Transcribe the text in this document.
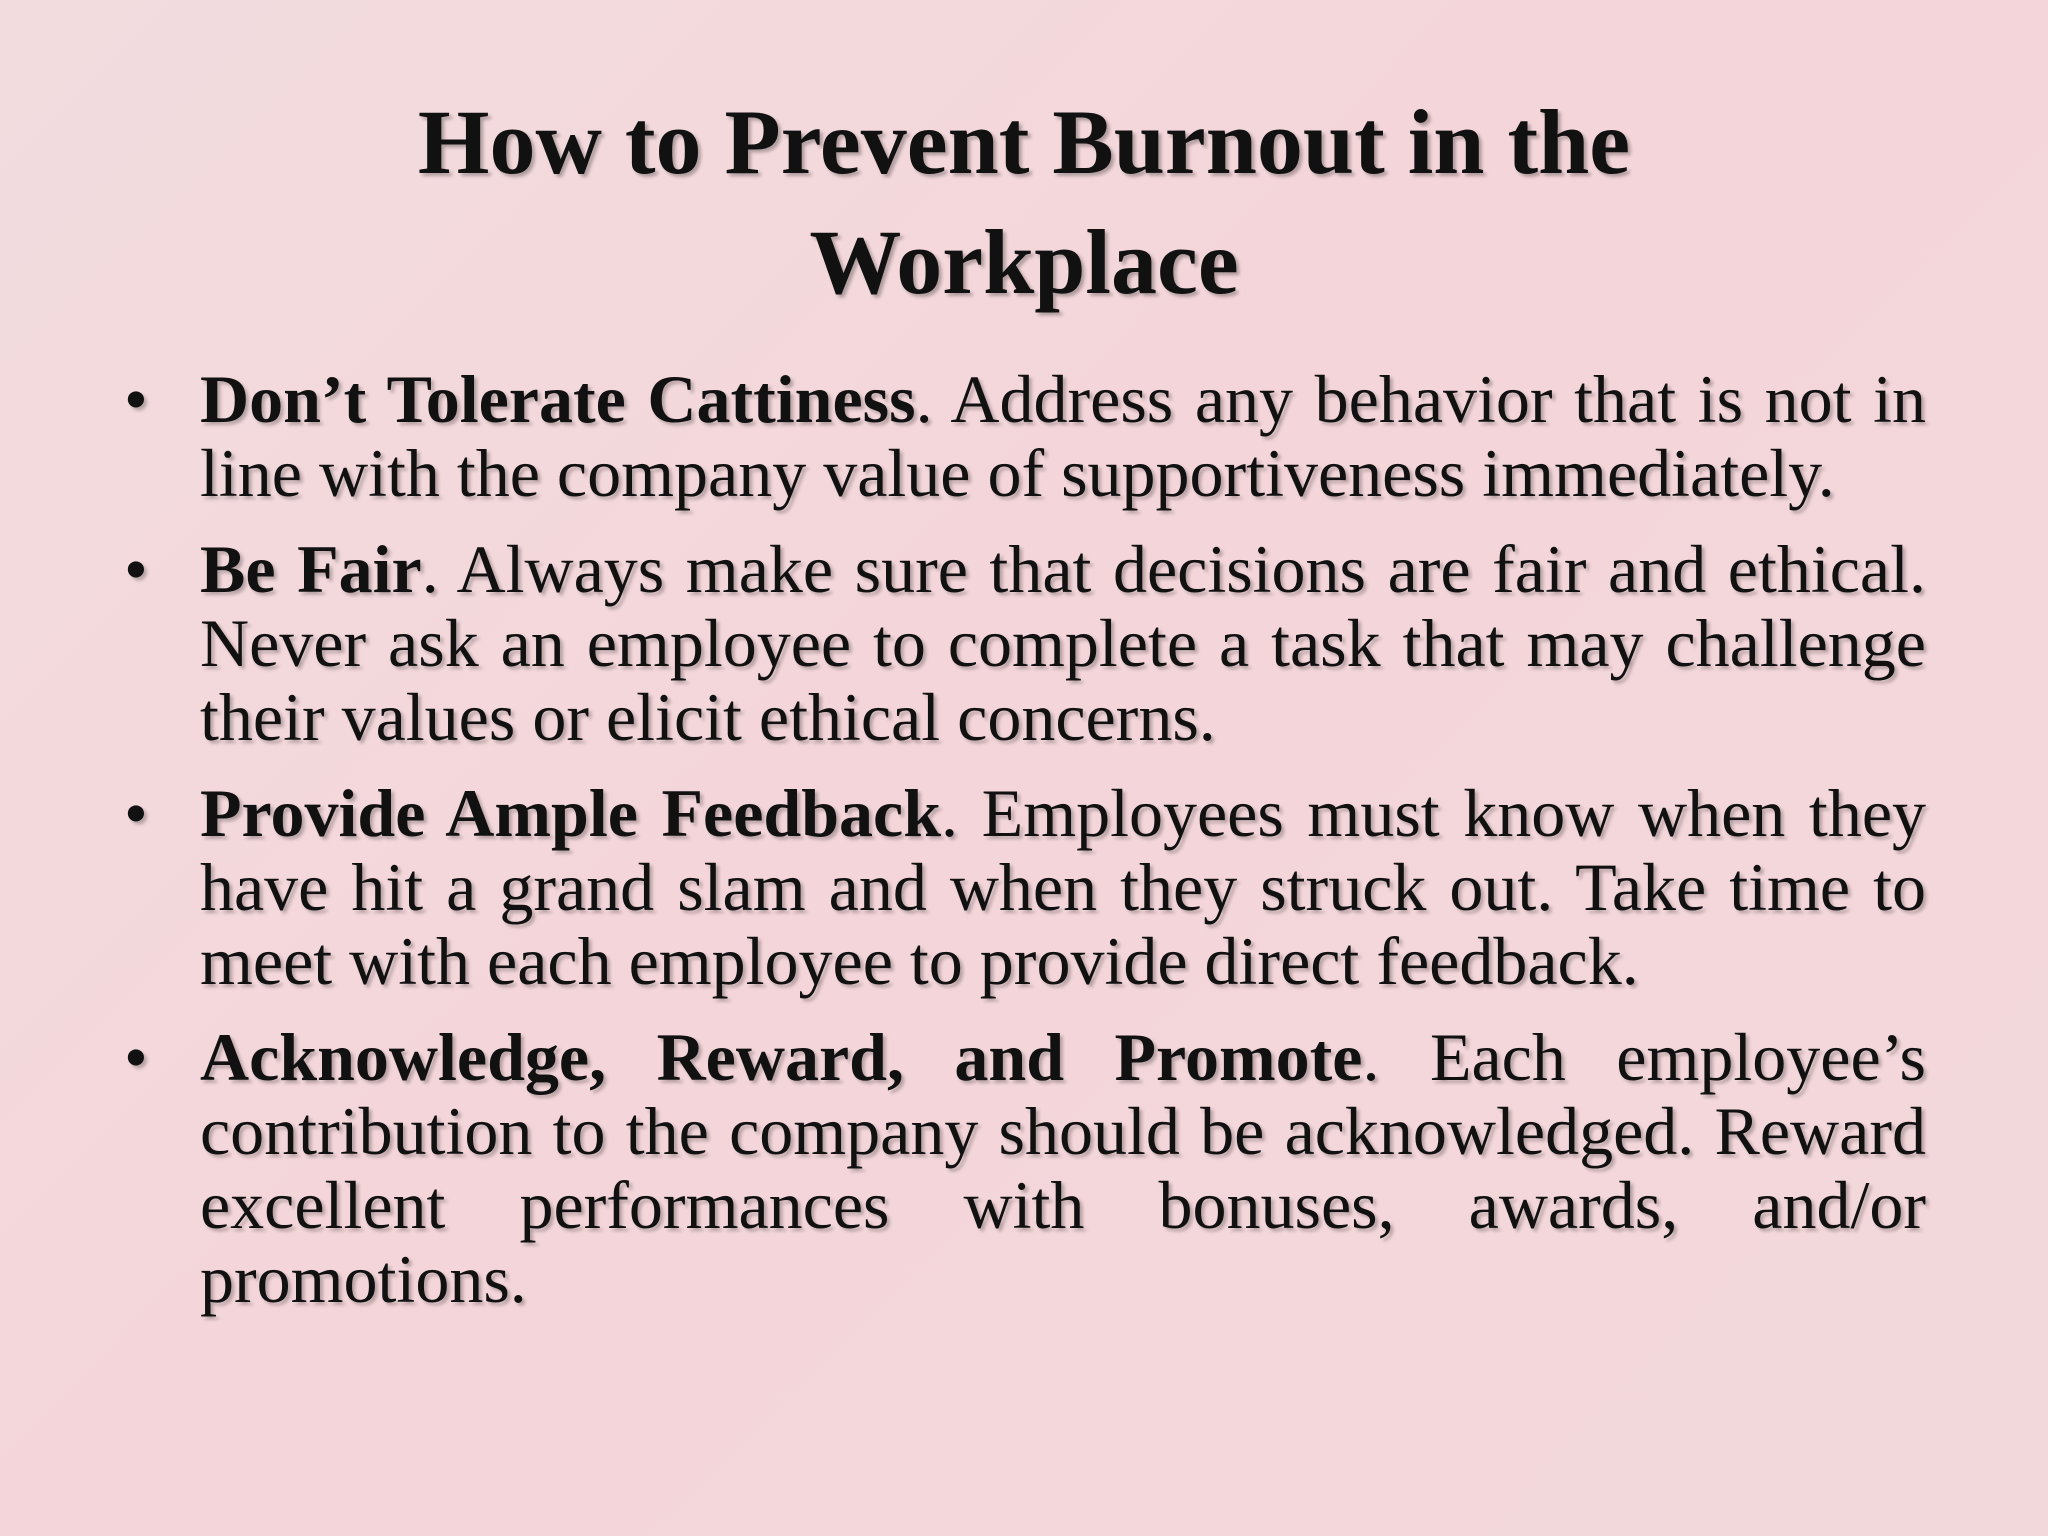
How to Prevent Burnout in the Workplace
• Don’t Tolerate Cattiness. Address any behavior that is not in line with the company value of supportiveness immediately.
• Be Fair. Always make sure that decisions are fair and ethical. Never ask an employee to complete a task that may challenge their values or elicit ethical concerns.
• Provide Ample Feedback. Employees must know when they have hit a grand slam and when they struck out. Take time to meet with each employee to provide direct feedback.
• Acknowledge, Reward, and Promote. Each employee’s contribution to the company should be acknowledged. Reward excellent performances with bonuses, awards, and/or promotions.
